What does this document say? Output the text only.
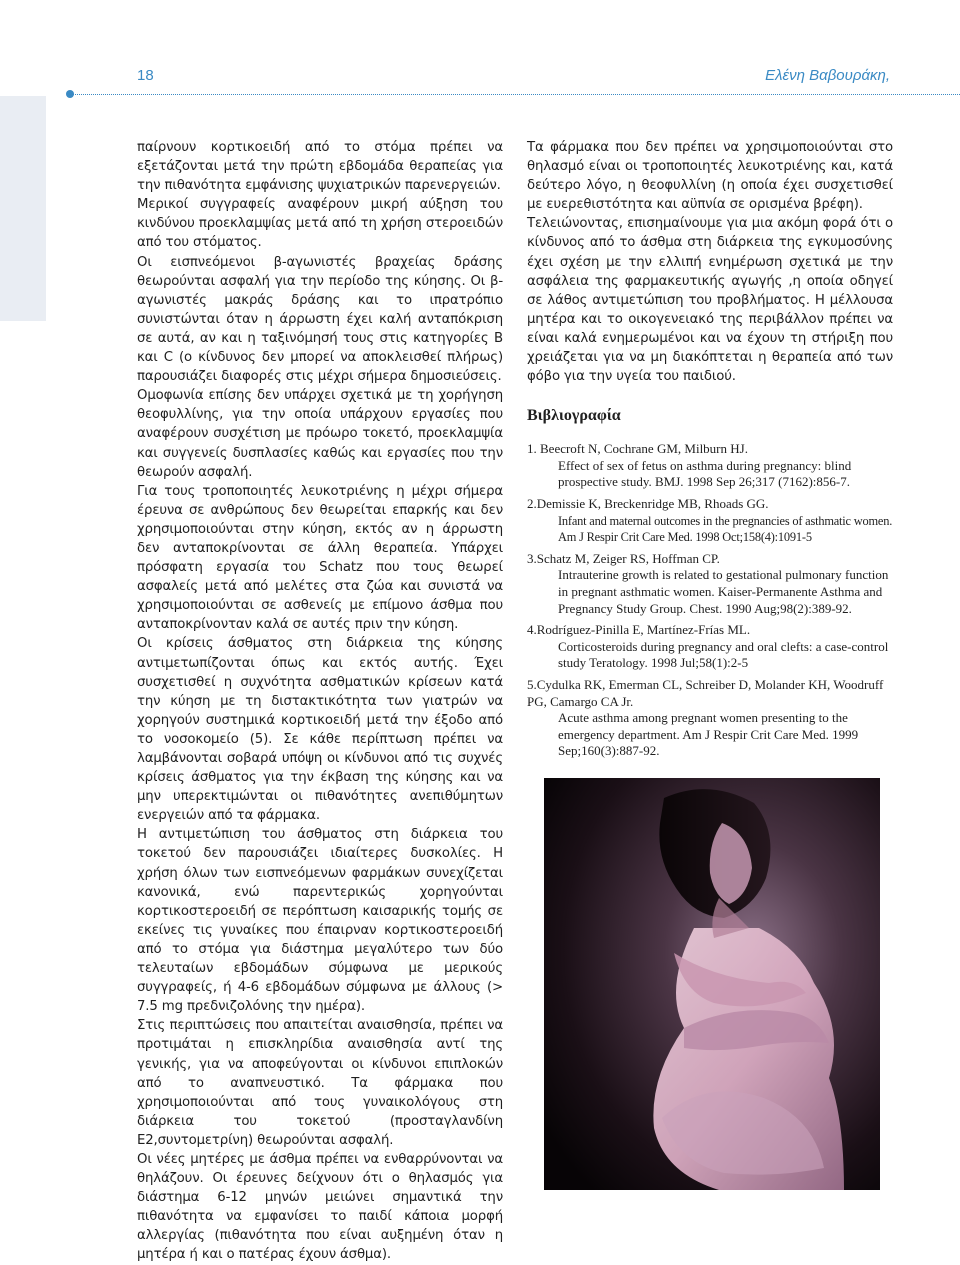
18	Ελένη Βαβουράκη,

παίρνουν κορτικοειδή από το στόμα πρέπει να εξετάζονται μετά την πρώτη εβδομάδα θεραπείας για την πιθανότητα εμφάνισης ψυχιατρικών παρενεργειών.

Μερικοί συγγραφείς αναφέρουν μικρή αύξηση του κινδύνου προεκλαμψίας μετά από τη χρήση στεροειδών από του στόματος.

Οι εισπνεόμενοι β-αγωνιστές βραχείας δράσης θεωρούνται ασφαλή για την περίοδο της κύησης. Οι β-αγωνιστές μακράς δράσης και το ιπρατρόπιο συνιστώνται όταν η άρρωστη έχει καλή ανταπόκριση σε αυτά, αν και η ταξινόμησή τους στις κατηγορίες Β και C (ο κίνδυνος δεν μπορεί να αποκλεισθεί πλήρως) παρουσιάζει διαφορές στις μέχρι σήμερα δημοσιεύσεις.

Ομοφωνία επίσης δεν υπάρχει σχετικά με τη χορήγηση θεοφυλλίνης, για την οποία υπάρχουν εργασίες που αναφέρουν συσχέτιση με πρόωρο τοκετό, προεκλαμψία και συγγενείς δυσπλασίες καθώς και εργασίες που την θεωρούν ασφαλή.

Για τους τροποποιητές λευκοτριένης η μέχρι σήμερα έρευνα σε ανθρώπους δεν θεωρείται επαρκής και δεν χρησιμοποιούνται στην κύηση, εκτός αν η άρρωστη δεν ανταποκρίνονται σε άλλη θεραπεία. Υπάρχει πρόσφατη εργασία του Schatz που τους θεωρεί ασφαλείς μετά από μελέτες στα ζώα και συνιστά να χρησιμοποιούνται σε ασθενείς με επίμονο άσθμα που ανταποκρίνονταν καλά σε αυτές πριν την κύηση.

Οι κρίσεις άσθματος στη διάρκεια της κύησης αντιμετωπίζονται όπως και εκτός αυτής. Έχει συσχετισθεί η συχνότητα ασθματικών κρίσεων κατά την κύηση με τη διστακτικότητα των γιατρών να χορηγούν συστημικά κορτικοειδή μετά την έξοδο από το νοσοκομείο (5). Σε κάθε περίπτωση πρέπει να λαμβάνονται σοβαρά υπόψη οι κίνδυνοι από τις συχνές κρίσεις άσθματος για την έκβαση της κύησης και να μην υπερεκτιμώνται οι πιθανότητες ανεπιθύμητων ενεργειών από τα φάρμακα.

Η αντιμετώπιση του άσθματος στη διάρκεια του τοκετού δεν παρουσιάζει ιδιαίτερες δυσκολίες. Η χρήση όλων των εισπνεόμενων φαρμάκων συνεχίζεται κανονικά, ενώ παρεντερικώς χορηγούνται κορτικοστεροειδή σε περόπτωση καισαρικής τομής σε εκείνες τις γυναίκες που έπαιρναν κορτικοστεροειδή από το στόμα για διάστημα μεγαλύτερο των δύο τελευταίων εβδομάδων σύμφωνα με μερικούς συγγραφείς, ή 4-6 εβδομάδων σύμφωνα με άλλους (> 7.5 mg πρεδνιζολόνης την ημέρα).

Στις περιπτώσεις που απαιτείται αναισθησία, πρέπει να προτιμάται η επισκληρίδια αναισθησία αντί της γενικής, για να αποφεύγονται οι κίνδυνοι επιπλοκών από το αναπνευστικό. Τα φάρμακα που χρησιμοποιούνται από τους γυναικολόγους στη διάρκεια του τοκετού (προσταγλανδίνη Ε2,συντομετρίνη) θεωρούνται ασφαλή.

Οι νέες μητέρες με άσθμα πρέπει να ενθαρρύνονται να θηλάζουν. Οι έρευνες δείχνουν ότι ο θηλασμός για διάστημα 6-12 μηνών μειώνει σημαντικά την πιθανότητα να εμφανίσει το παιδί κάποια μορφή αλλεργίας (πιθανότητα που είναι αυξημένη όταν η μητέρα ή και ο πατέρας έχουν άσθμα).

Τα φάρμακα που δεν πρέπει να χρησιμοποιούνται στο θηλασμό είναι οι τροποποιητές λευκοτριένης και, κατά δεύτερο λόγο, η θεοφυλλίνη (η οποία έχει συσχετισθεί με ευερεθιστότητα και αϋπνία σε ορισμένα βρέφη).

Τελειώνοντας, επισημαίνουμε για μια ακόμη φορά ότι ο κίνδυνος από το άσθμα στη διάρκεια της εγκυμοσύνης έχει σχέση με την ελλιπή ενημέρωση σχετικά με την ασφάλεια της φαρμακευτικής αγωγής ,η οποία οδηγεί σε λάθος αντιμετώπιση του προβλήματος. Η μέλλουσα μητέρα και το οικογενειακό της περιβάλλον πρέπει να είναι καλά ενημερωμένοι και να έχουν τη στήριξη που χρειάζεται για να μη διακόπτεται η θεραπεία από των φόβο για την υγεία του παιδιού.

Βιβλιογραφία
1. Beecroft N, Cochrane GM, Milburn HJ.
Effect of sex of fetus on asthma during pregnancy: blind prospective study. BMJ. 1998 Sep 26;317 (7162):856-7.
2.Demissie K, Breckenridge MB, Rhoads GG.
Infant and maternal outcomes in the pregnancies of asthmatic women. Am J Respir Crit Care Med. 1998 Oct;158(4):1091-5
3.Schatz M, Zeiger RS, Hoffman CP.
Intrauterine growth is related to gestational pulmonary function in pregnant asthmatic women. Kaiser-Permanente Asthma and Pregnancy Study Group. Chest. 1990 Aug;98(2):389-92.
4.Rodríguez-Pinilla E, Martínez-Frías ML.
Corticosteroids during pregnancy and oral clefts: a case-control study Teratology. 1998 Jul;58(1):2-5
5.Cydulka RK, Emerman CL, Schreiber D, Molander KH, Woodruff PG, Camargo CA Jr.
Acute asthma among pregnant women presenting to the emergency department. Am J Respir Crit Care Med. 1999 Sep;160(3):887-92.
